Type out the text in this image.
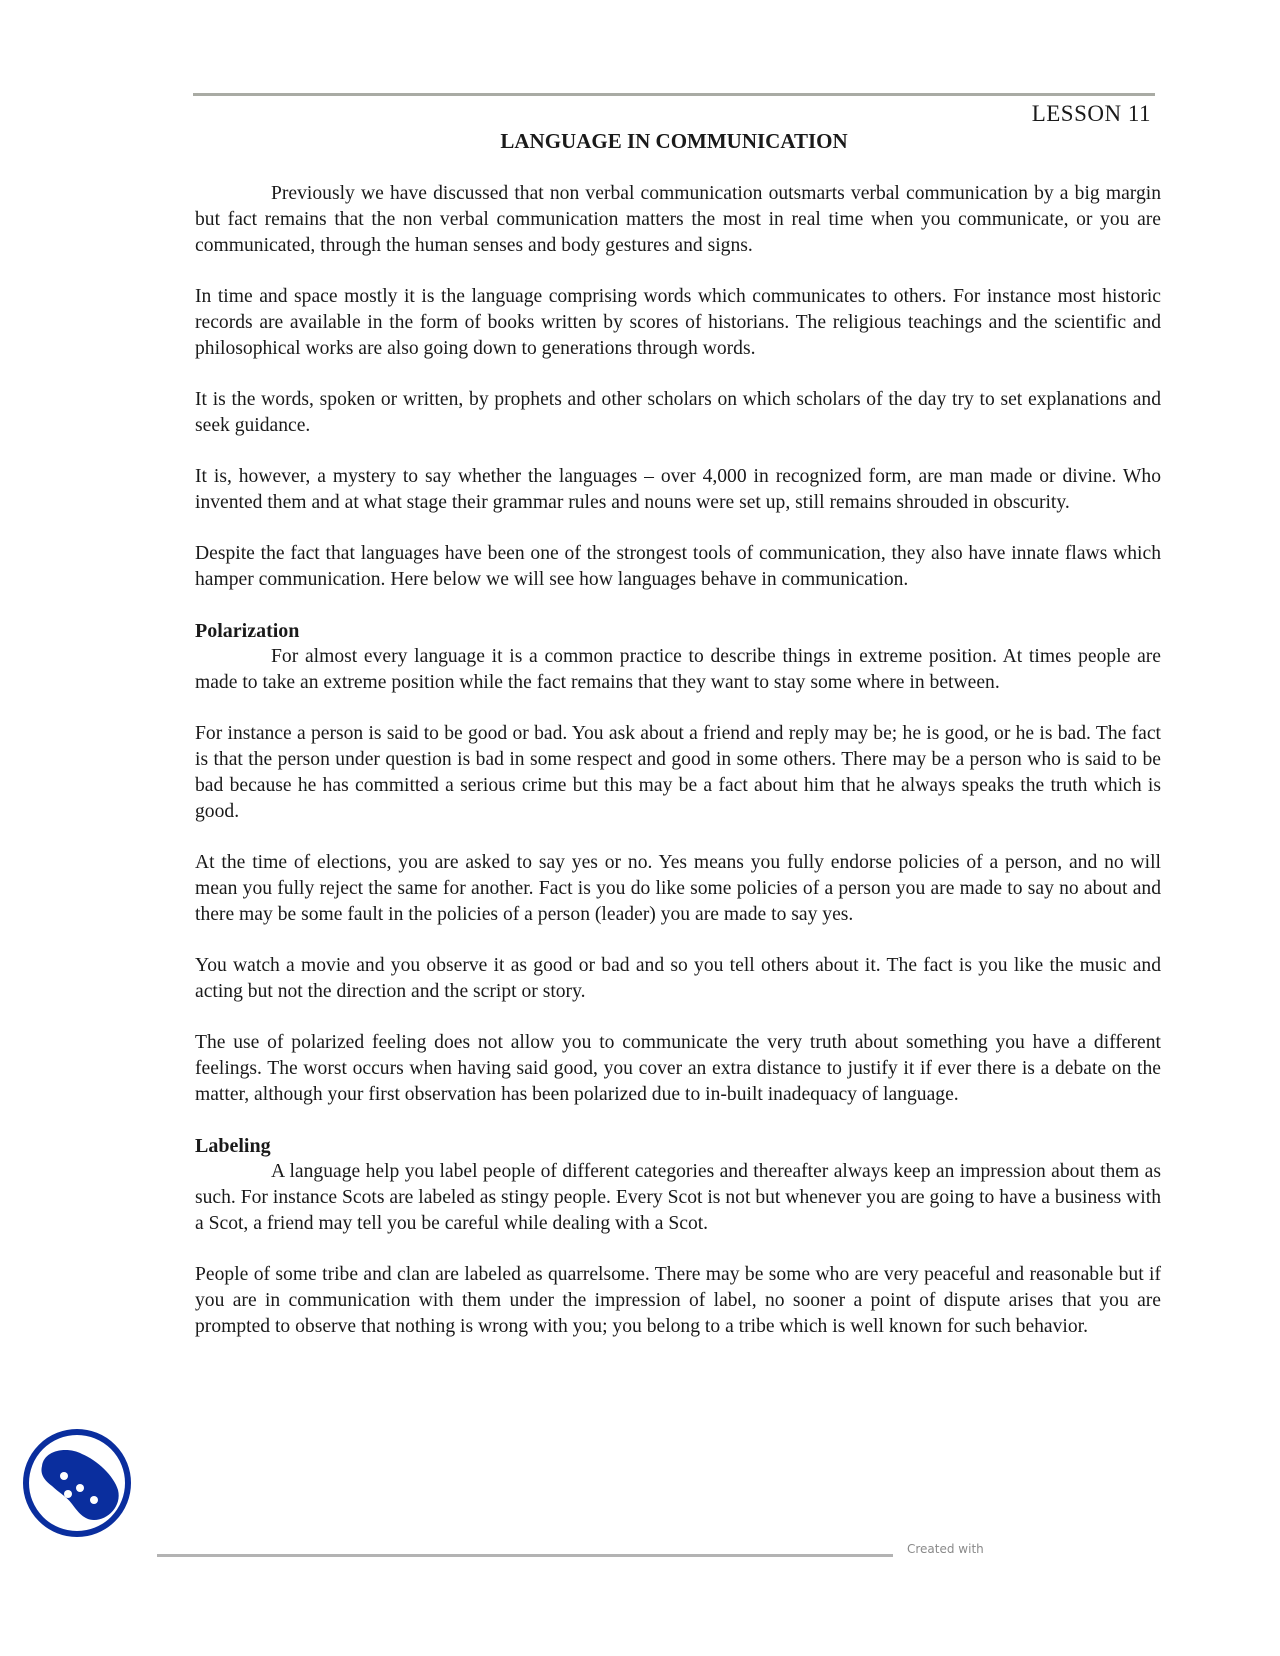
LESSON 11
LANGUAGE IN COMMUNICATION

Previously we have discussed that non verbal communication outsmarts verbal communication by a big margin but fact remains that the non verbal communication matters the most in real time when you communicate, or you are communicated, through the human senses and body gestures and signs.

In time and space mostly it is the language comprising words which communicates to others. For instance most historic records are available in the form of books written by scores of historians. The religious teachings and the scientific and philosophical works are also going down to generations through words.

It is the words, spoken or written, by prophets and other scholars on which scholars of the day try to set explanations and seek guidance.

It is, however, a mystery to say whether the languages – over 4,000 in recognized form, are man made or divine. Who invented them and at what stage their grammar rules and nouns were set up, still remains shrouded in obscurity.

Despite the fact that languages have been one of the strongest tools of communication, they also have innate flaws which hamper communication. Here below we will see how languages behave in communication.

Polarization

For almost every language it is a common practice to describe things in extreme position. At times people are made to take an extreme position while the fact remains that they want to stay some where in between.

For instance a person is said to be good or bad. You ask about a friend and reply may be; he is good, or he is bad. The fact is that the person under question is bad in some respect and good in some others. There may be a person who is said to be bad because he has committed a serious crime but this may be a fact about him that he always speaks the truth which is good.

At the time of elections, you are asked to say yes or no. Yes means you fully endorse policies of a person, and no will mean you fully reject the same for another. Fact is you do like some policies of a person you are made to say no about and there may be some fault in the policies of a person (leader) you are made to say yes.

You watch a movie and you observe it as good or bad and so you tell others about it. The fact is you like the music and acting but not the direction and the script or story.

The use of polarized feeling does not allow you to communicate the very truth about something you have a different feelings. The worst occurs when having said good, you cover an extra distance to justify it if ever there is a debate on the matter, although your first observation has been polarized due to in-built inadequacy of language.

Labeling

A language help you label people of different categories and thereafter always keep an impression about them as such. For instance Scots are labeled as stingy people. Every Scot is not but whenever you are going to have a business with a Scot, a friend may tell you be careful while dealing with a Scot.

People of some tribe and clan are labeled as quarrelsome. There may be some who are very peaceful and reasonable but if you are in communication with them under the impression of label, no sooner a point of dispute arises that you are prompted to observe that nothing is wrong with you; you belong to a tribe which is well known for such behavior.

Created with
